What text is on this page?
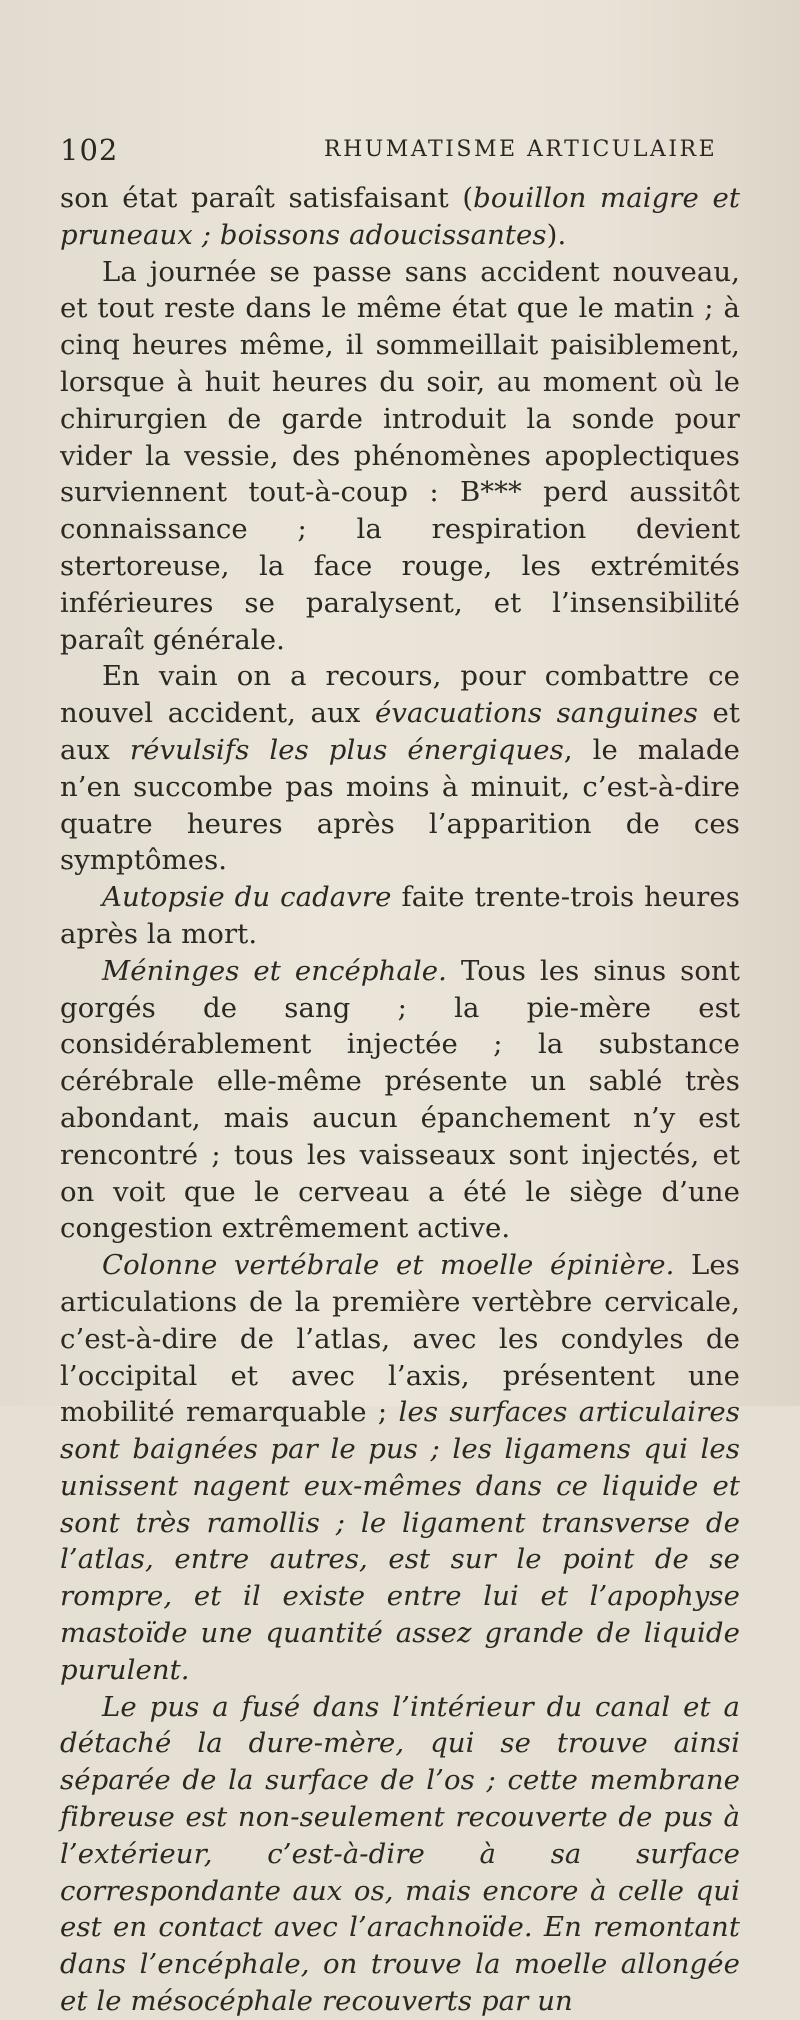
102	RHUMATISME ARTICULAIRE

son état paraît satisfaisant (bouillon maigre et pruneaux ; boissons adoucissantes).

La journée se passe sans accident nouveau, et tout reste dans le même état que le matin ; à cinq heures même, il sommeillait paisiblement, lorsque à huit heures du soir, au moment où le chirurgien de garde introduit la sonde pour vider la vessie, des phénomènes apoplectiques surviennent tout-à-coup : B*** perd aussitôt connaissance ; la respiration devient stertoreuse, la face rouge, les extrémités inférieures se paralysent, et l’insensibilité paraît générale.

En vain on a recours, pour combattre ce nouvel accident, aux évacuations sanguines et aux révulsifs les plus énergiques, le malade n’en succombe pas moins à minuit, c’est-à-dire quatre heures après l’apparition de ces symptômes.

Autopsie du cadavre faite trente-trois heures après la mort.

Méninges et encéphale. Tous les sinus sont gorgés de sang ; la pie-mère est considérablement injectée ; la substance cérébrale elle-même présente un sablé très abondant, mais aucun épanchement n’y est rencontré ; tous les vaisseaux sont injectés, et on voit que le cerveau a été le siège d’une congestion extrêmement active.

Colonne vertébrale et moelle épinière. Les articulations de la première vertèbre cervicale, c’est-à-dire de l’atlas, avec les condyles de l’occipital et avec l’axis, présentent une mobilité remarquable ; les surfaces articulaires sont baignées par le pus ; les ligamens qui les unissent nagent eux-mêmes dans ce liquide et sont très ramollis ; le ligament transverse de l’atlas, entre autres, est sur le point de se rompre, et il existe entre lui et l’apophyse mastoïde une quantité assez grande de liquide purulent.

Le pus a fusé dans l’intérieur du canal et a détaché la dure-mère, qui se trouve ainsi séparée de la surface de l’os ; cette membrane fibreuse est non-seulement recouverte de pus à l’extérieur, c’est-à-dire à sa surface correspondante aux os, mais encore à celle qui est en contact avec l’arachnoïde. En remontant dans l’encéphale, on trouve la moelle allongée et le mésocéphale recouverts par un
